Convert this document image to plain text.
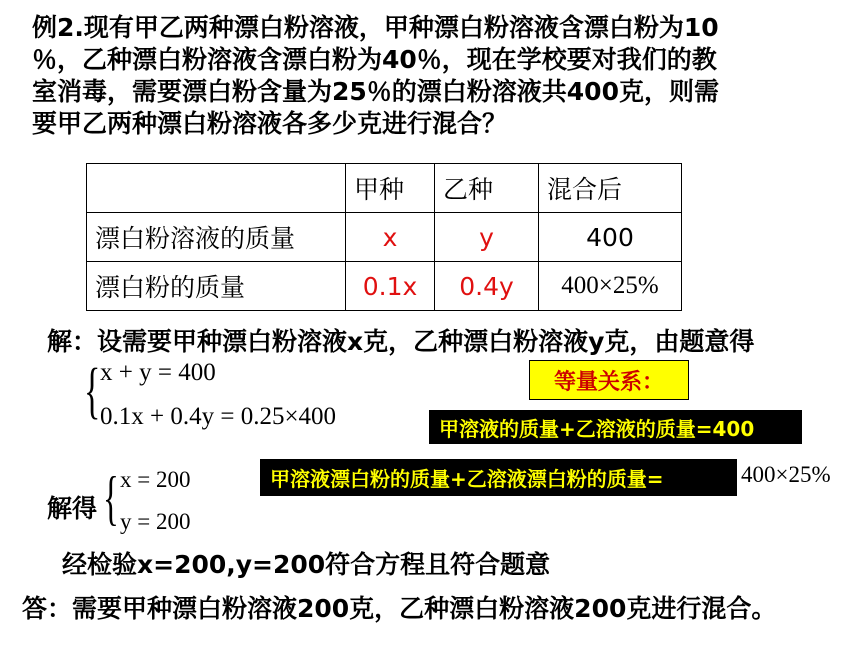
例2.现有甲乙两种漂白粉溶液，甲种漂白粉溶液含漂白粉为10
％，乙种漂白粉溶液含漂白粉为40％，现在学校要对我们的教
室消毒，需要漂白粉含量为25％的漂白粉溶液共400克，则需
要甲乙两种漂白粉溶液各多少克进行混合？
	甲种	乙种	混合后
漂白粉溶液的质量	x	y	400
漂白粉的质量	0.1x	0.4y	400×25%
解：设需要甲种漂白粉溶液x克，乙种漂白粉溶液y克，由题意得
{ x + y = 400
0.1x + 0.4y = 0.25×400
等量关系：
甲溶液的质量+乙溶液的质量=400
甲溶液漂白粉的质量+乙溶液漂白粉的质量=	400×25%
解得 { x = 200
y = 200
经检验x=200,y=200符合方程且符合题意
答：需要甲种漂白粉溶液200克，乙种漂白粉溶液200克进行混合。
